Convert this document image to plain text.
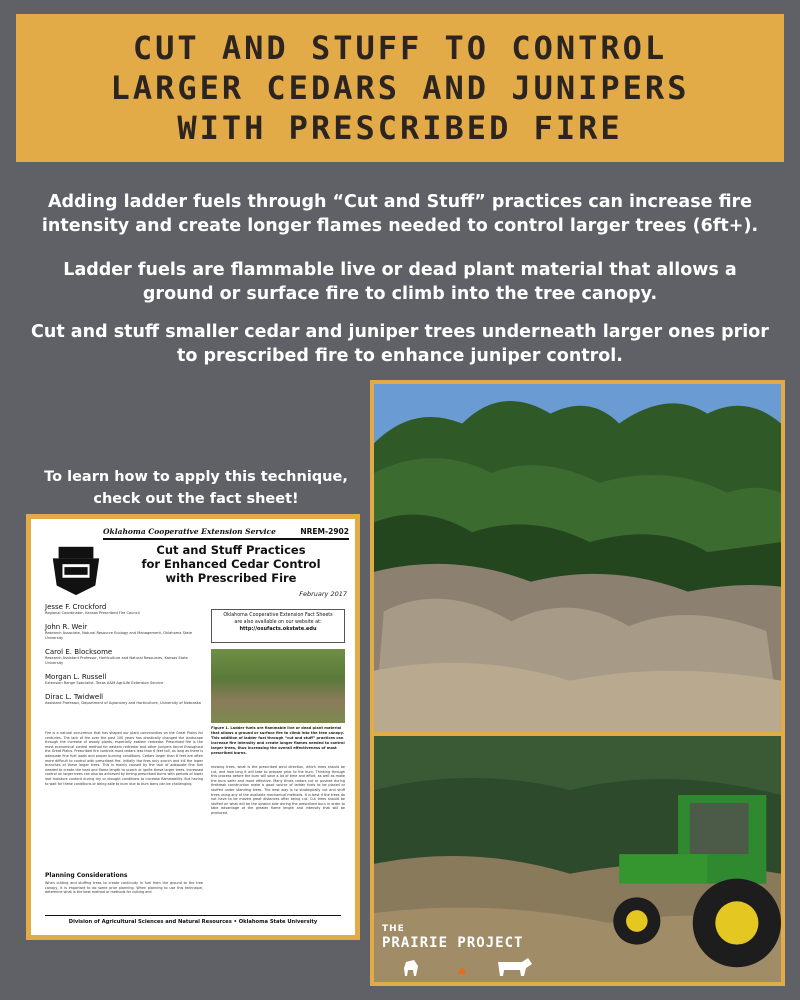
CUT AND STUFF TO CONTROL
LARGER CEDARS AND JUNIPERS
WITH PRESCRIBED FIRE
Adding ladder fuels through “Cut and Stuff” practices can increase fire intensity and create longer flames needed to control larger trees (6ft+).
Ladder fuels are flammable live or dead plant material that allows a ground or surface fire to climb into the tree canopy.
Cut and stuff smaller cedar and juniper trees underneath larger ones prior to prescribed fire to enhance juniper control.
To learn how to apply this technique,
check out the fact sheet!
Oklahoma Cooperative Extension Service	NREM-2902
Cut and Stuff Practices
for Enhanced Cedar Control
with Prescribed Fire
February 2017
Jesse F. Crockford
Regional Coordinator, Kansas Prescribed Fire Council
John R. Weir
Research Associate, Natural Resource Ecology and Management, Oklahoma State University
Carol E. Blocksome
Research Assistant Professor, Horticulture and Natural Resources, Kansas State University
Morgan L. Russell
Extension Range Specialist, Texas A&M AgriLife Extension Service
Dirac L. Twidwell
Assistant Professor, Department of Agronomy and Horticulture, University of Nebraska
Oklahoma Cooperative Extension Fact Sheets
are also available on our website at:
http://osufacts.okstate.edu
Figure 1. Ladder fuels are flammable live or dead plant material that allows a ground or surface fire to climb into the tree canopy. This addition of ladder fuel through “cut and stuff” practices can increase fire intensity and create longer flames needed to control larger trees, thus increasing the overall effectiveness of most prescribed burns.
Fire is a natural occurrence that has shaped our plant communities on the Great Plains for centuries. The lack of fire over the past 100 years has drastically changed the landscape through the increase of woody plants, especially eastern redcedar. Prescribed fire is the most economical control method for eastern redcedar and other junipers found throughout the Great Plains. Prescribed fire controls most cedars less than 6 feet tall, as long as there is adequate fine fuel loads and proper burning conditions. Cedars larger than 6 feet are often more difficult to control with prescribed fire. Initially the fires only scorch and kill the lower branches of these larger trees. This is mainly caused by the lack of adequate fine fuel needed to create the heat and flame length to scorch or ignite these larger trees. Increased control on larger trees can also be achieved by timing prescribed burns with periods of lower leaf moisture content during dry or drought conditions to increase flammability. But having to wait for these conditions or being able to burn due to burn bans can be challenging.
mowing trees, what is the prescribed wind direction, which trees should be cut, and how long it will take to prepare prior to the burn. Thinking through this process before the burn will save a lot of time and effort, as well as make the burn safer and more effective. Many times cedars cut or pushed during firebreak construction make a good source of ladder fuels to be placed or stuffed under standing trees. The best way is to strategically cut and stuff trees using any of the available mechanical methods. It is best if the trees do not have to be moved great distances after being cut. Cut trees should be stuffed on what will be the upwind side during the prescribed burn in order to take advantage of the greater flame length and intensity that will be produced.
Planning Considerations
When cutting and stuffing trees to create continuity in fuel from the ground to the tree canopy, it is important to do some prior planning. When planning to use this technique, determine what is the best method or methods for cutting and
Division of Agricultural Sciences and Natural Resources • Oklahoma State University
THE
PRAIRIE PROJECT
